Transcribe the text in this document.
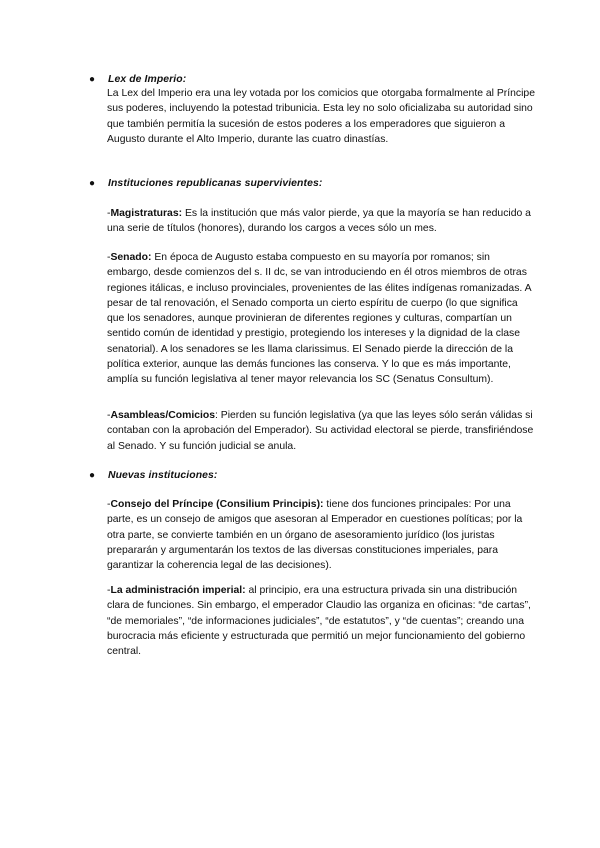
●	Lex de Imperio:

La Lex del Imperio era una ley votada por los comicios que otorgaba formalmente al Príncipe sus poderes, incluyendo la potestad tribunicia. Esta ley no solo oficializaba su autoridad sino que también permitía la sucesión de estos poderes a los emperadores que siguieron a Augusto durante el Alto Imperio, durante las cuatro dinastías.

●	Instituciones republicanas supervivientes:

-Magistraturas: Es la institución que más valor pierde, ya que la mayoría se han reducido a una serie de títulos (honores), durando los cargos a veces sólo un mes.

-Senado: En época de Augusto estaba compuesto en su mayoría por romanos; sin embargo, desde comienzos del s. II dc, se van introduciendo en él otros miembros de otras regiones itálicas, e incluso provinciales, provenientes de las élites indígenas romanizadas. A pesar de tal renovación, el Senado comporta un cierto espíritu de cuerpo (lo que significa que los senadores, aunque provinieran de diferentes regiones y culturas, compartían un sentido común de identidad y prestigio, protegiendo los intereses y la dignidad de la clase senatorial). A los senadores se les llama clarissimus. El Senado pierde la dirección de la política exterior, aunque las demás funciones las conserva. Y lo que es más importante, amplía su función legislativa al tener mayor relevancia los SC (Senatus Consultum).

-Asambleas/Comicios: Pierden su función legislativa (ya que las leyes sólo serán válidas si contaban con la aprobación del Emperador). Su actividad electoral se pierde, transfiriéndose al Senado. Y su función judicial se anula.

●	Nuevas instituciones:

-Consejo del Príncipe (Consilium Principis): tiene dos funciones principales: Por una parte, es un consejo de amigos que asesoran al Emperador en cuestiones políticas; por la otra parte, se convierte también en un órgano de asesoramiento jurídico (los juristas prepararán y argumentarán los textos de las diversas constituciones imperiales, para garantizar la coherencia legal de las decisiones).

-La administración imperial: al principio, era una estructura privada sin una distribución clara de funciones. Sin embargo, el emperador Claudio las organiza en oficinas: “de cartas”, “de memoriales”, “de informaciones judiciales”, “de estatutos”, y “de cuentas”; creando una burocracia más eficiente y estructurada que permitió un mejor funcionamiento del gobierno central.
